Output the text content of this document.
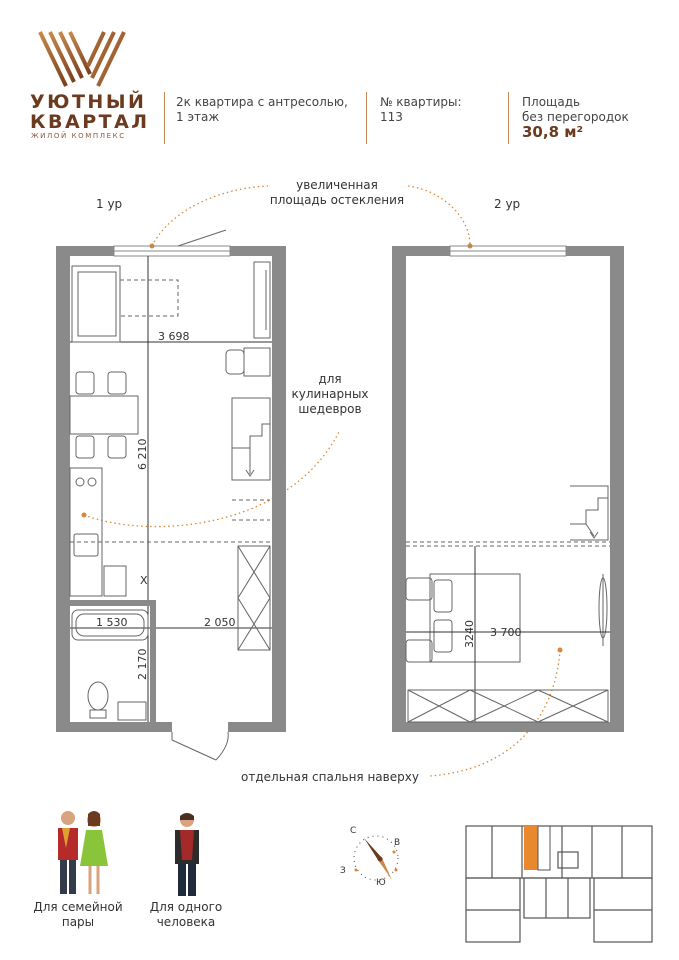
УЮТНЫЙ
КВАРТАЛ
ЖИЛОЙ КОМПЛЕКС
2к квартира с антресолью,
1 этаж
№ квартиры:
113
Площадь
без перегородок
30,8 м²
1 ур	2 ур
увеличенная
площадь остекления
для
кулинарных
шедевров
отдельная спальня наверху
3 698
6 210
1 530	2 050
2 170
X
3240 3 700
Для семейной
пары
Для одного
человека
С
В
Ю
З
